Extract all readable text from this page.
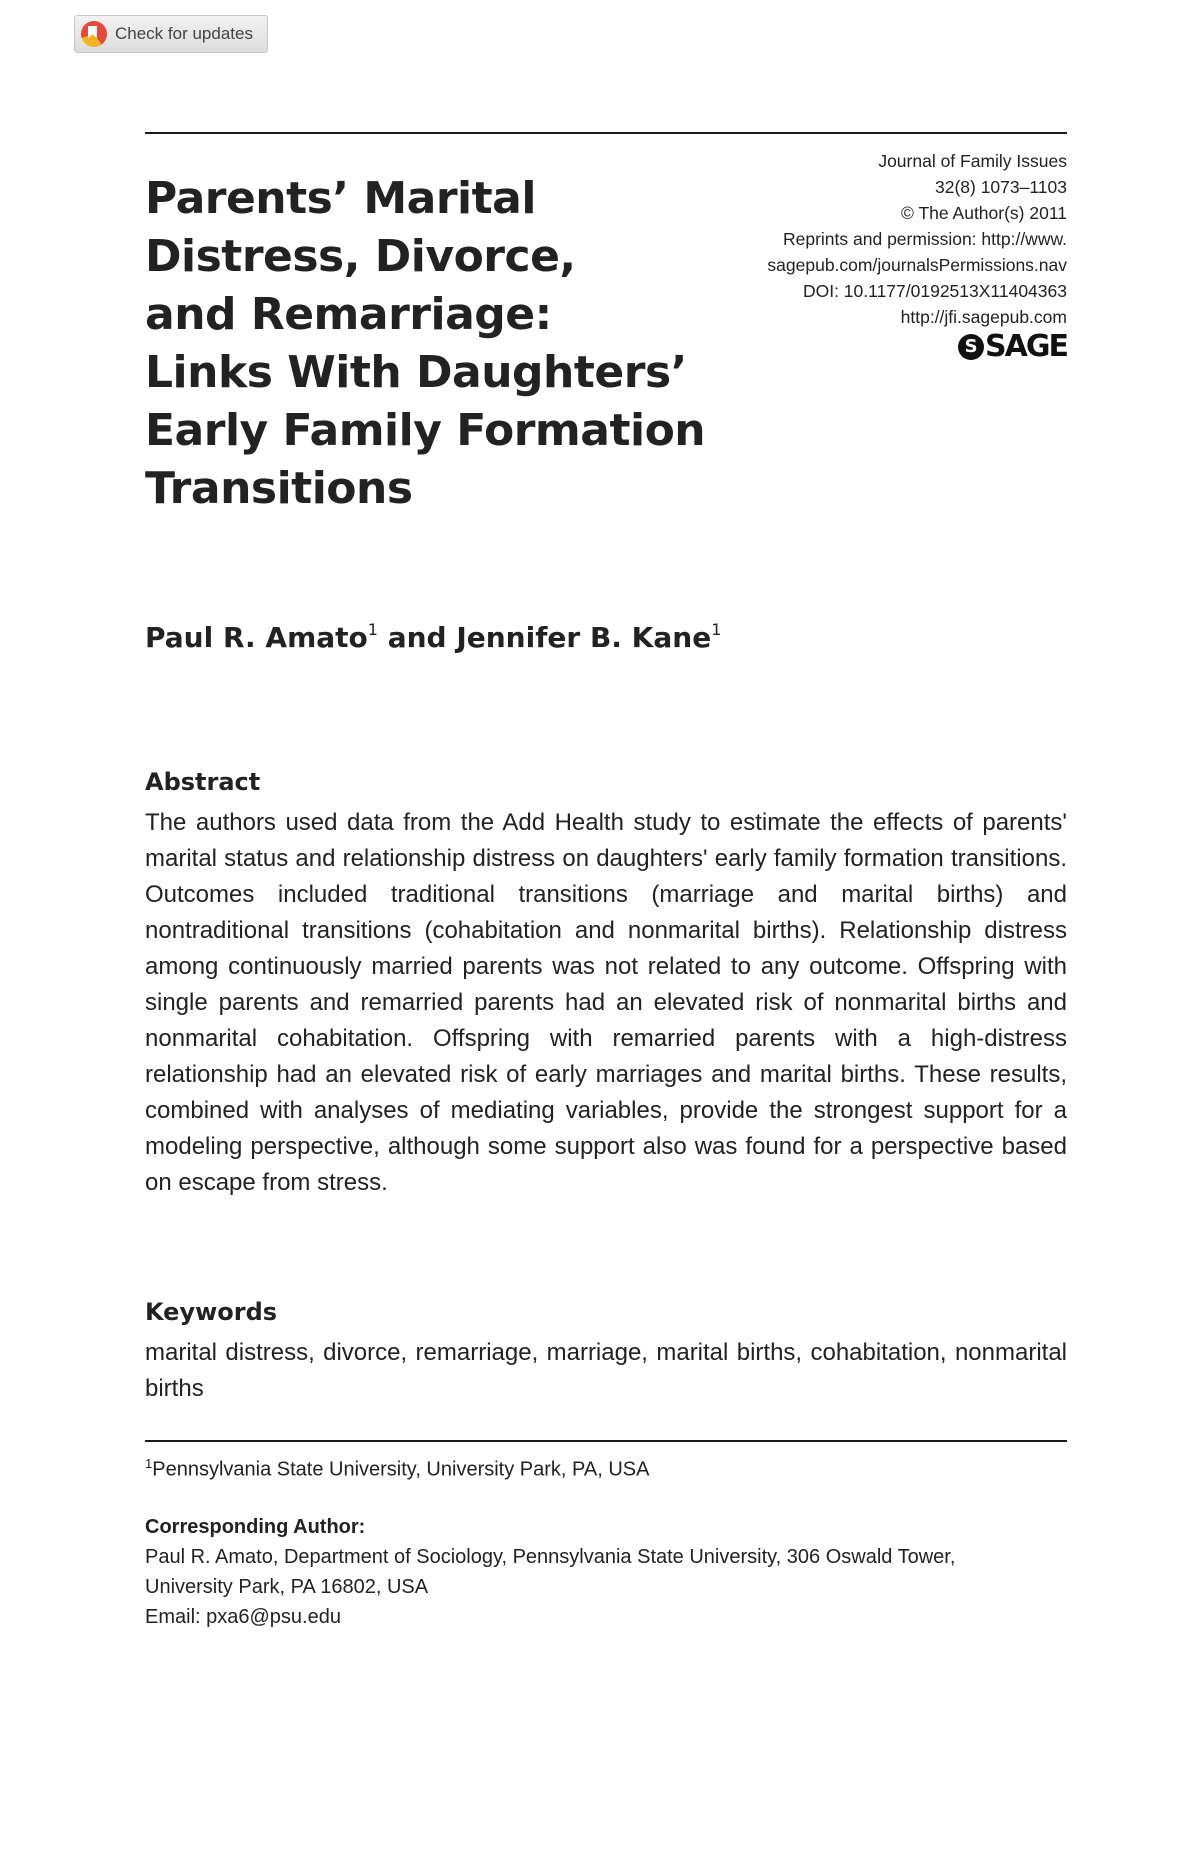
Check for updates
Parents’ Marital
Distress, Divorce,
and Remarriage:
Links With Daughters’
Early Family Formation
Transitions
Journal of Family Issues
32(8) 1073–1103
© The Author(s) 2011
Reprints and permission: http://www.
sagepub.com/journalsPermissions.nav
DOI: 10.1177/0192513X11404363
http://jfi.sagepub.com
S SAGE

Paul R. Amato$^1$ and Jennifer B. Kane$^1$

Abstract

The authors used data from the Add Health study to estimate the effects of parents' marital status and relationship distress on daughters' early family formation transitions. Outcomes included traditional transitions (marriage and marital births) and nontraditional transitions (cohabitation and nonmarital births). Relationship distress among continuously married parents was not related to any outcome. Offspring with single parents and remarried parents had an elevated risk of nonmarital births and nonmarital cohabitation. Offspring with remarried parents with a high-distress relationship had an elevated risk of early marriages and marital births. These results, combined with analyses of mediating variables, provide the strongest support for a modeling perspective, although some support also was found for a perspective based on escape from stress.

Keywords

marital distress, divorce, remarriage, marriage, marital births, cohabitation, nonmarital births

$^1$Pennsylvania State University, University Park, PA, USA

Corresponding Author:
Paul R. Amato, Department of Sociology, Pennsylvania State University, 306 Oswald Tower,
University Park, PA 16802, USA
Email: pxa6@psu.edu
